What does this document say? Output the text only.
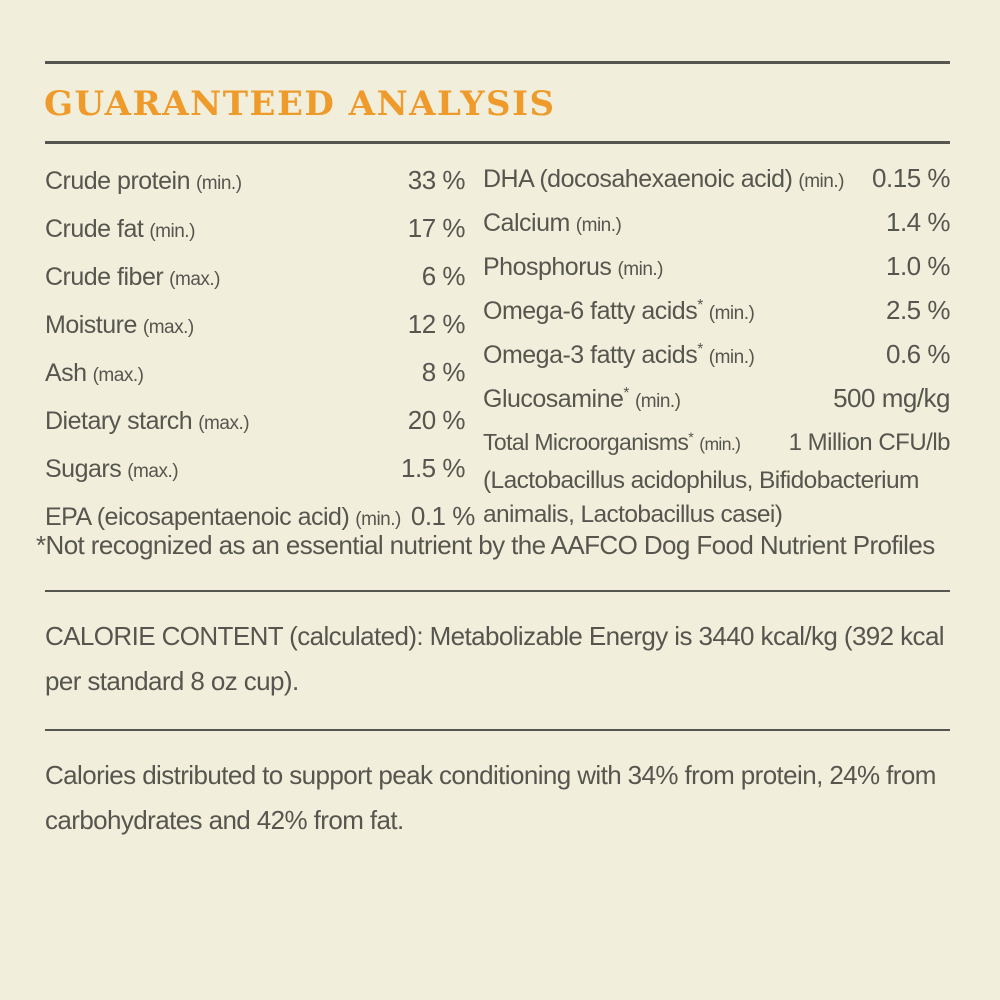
GUARANTEED ANALYSIS
Crude protein (min.)	33 %
Crude fat (min.)	17 %
Crude fiber (max.)	6 %
Moisture (max.)	12 %
Ash (max.)	8 %
Dietary starch (max.)	20 %
Sugars (max.)	1.5 %
EPA (eicosapentaenoic acid) (min.) 0.1 %
DHA (docosahexaenoic acid) (min.) 0.15 %
Calcium (min.)	1.4 %
Phosphorus (min.)	1.0 %
Omega-6 fatty acids* (min.)	2.5 %
Omega-3 fatty acids* (min.)	0.6 %
Glucosamine* (min.)	500 mg/kg
Total Microorganisms* (min.) 1 Million CFU/lb
(Lactobacillus acidophilus, Bifidobacterium animalis, Lactobacillus casei)
*Not recognized as an essential nutrient by the AAFCO Dog Food Nutrient Profiles
CALORIE CONTENT (calculated): Metabolizable Energy is 3440 kcal/kg (392 kcal per standard 8 oz cup).
Calories distributed to support peak conditioning with 34% from protein, 24% from carbohydrates and 42% from fat.
